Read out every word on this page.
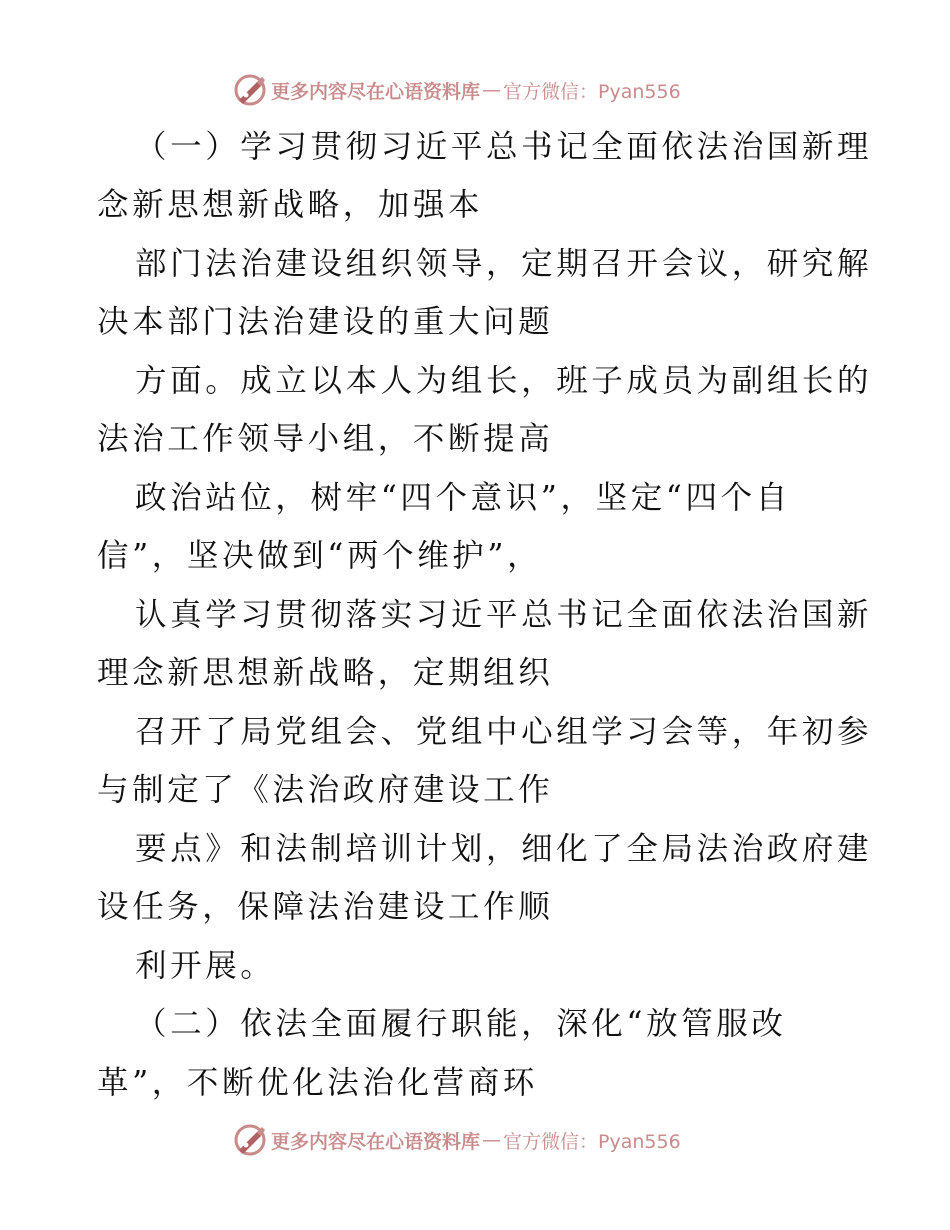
更多内容尽在心语资料库 — 官方微信：Pyan556
（一）学习贯彻习近平总书记全面依法治国新理
念新思想新战略，加强本
部门法治建设组织领导，定期召开会议，研究解
决本部门法治建设的重大问题
方面。成立以本人为组长，班子成员为副组长的
法治工作领导小组，不断提高
政治站位，树牢“四个意识”，坚定“四个自
信”，坚决做到“两个维护”，
认真学习贯彻落实习近平总书记全面依法治国新
理念新思想新战略，定期组织
召开了局党组会、党组中心组学习会等，年初参
与制定了《法治政府建设工作
要点》和法制培训计划，细化了全局法治政府建
设任务，保障法治建设工作顺
利开展。
（二）依法全面履行职能，深化“放管服改
革”，不断优化法治化营商环
更多内容尽在心语资料库 — 官方微信：Pyan556
